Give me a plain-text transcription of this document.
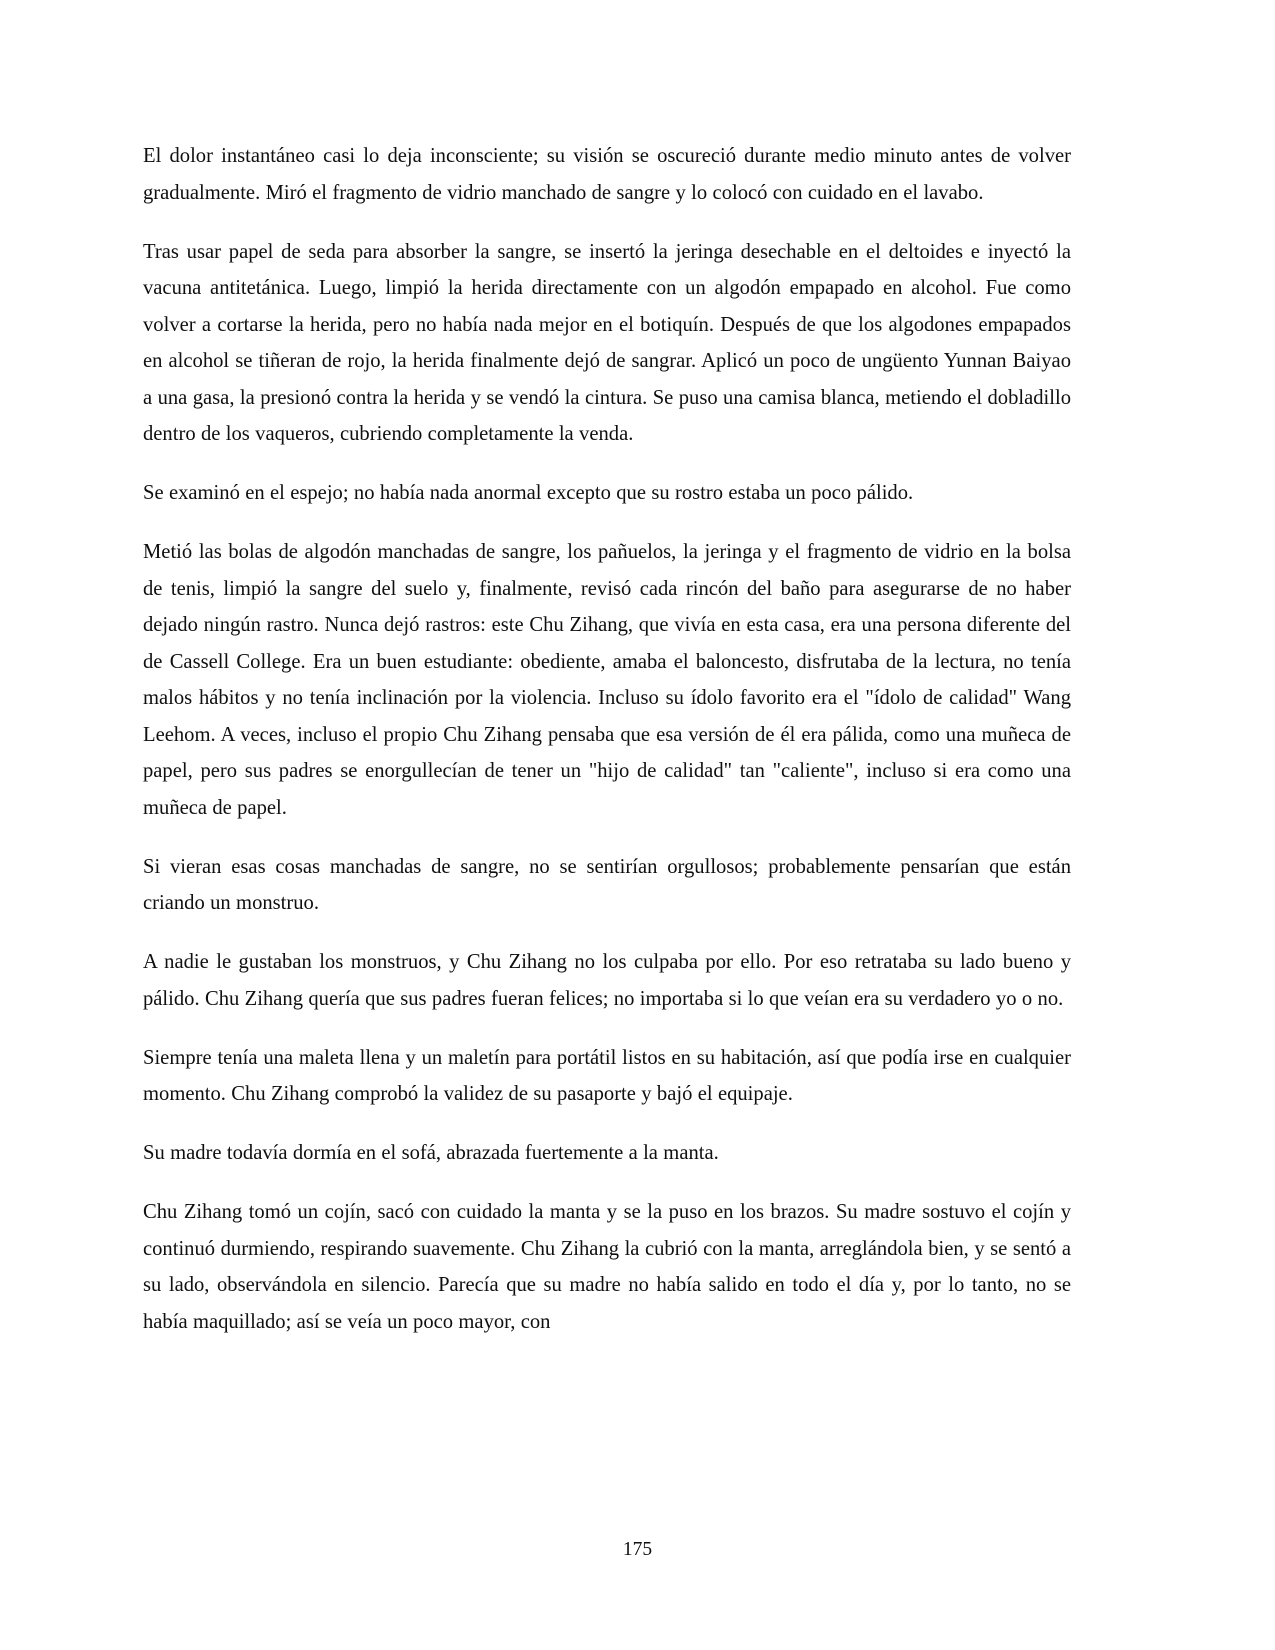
El dolor instantáneo casi lo deja inconsciente; su visión se oscureció durante medio minuto antes de volver gradualmente. Miró el fragmento de vidrio manchado de sangre y lo colocó con cuidado en el lavabo.

Tras usar papel de seda para absorber la sangre, se insertó la jeringa desechable en el deltoides e inyectó la vacuna antitetánica. Luego, limpió la herida directamente con un algodón empapado en alcohol. Fue como volver a cortarse la herida, pero no había nada mejor en el botiquín. Después de que los algodones empapados en alcohol se tiñeran de rojo, la herida finalmente dejó de sangrar. Aplicó un poco de ungüento Yunnan Baiyao a una gasa, la presionó contra la herida y se vendó la cintura. Se puso una camisa blanca, metiendo el dobladillo dentro de los vaqueros, cubriendo completamente la venda.

Se examinó en el espejo; no había nada anormal excepto que su rostro estaba un poco pálido.

Metió las bolas de algodón manchadas de sangre, los pañuelos, la jeringa y el fragmento de vidrio en la bolsa de tenis, limpió la sangre del suelo y, finalmente, revisó cada rincón del baño para asegurarse de no haber dejado ningún rastro. Nunca dejó rastros: este Chu Zihang, que vivía en esta casa, era una persona diferente del de Cassell College. Era un buen estudiante: obediente, amaba el baloncesto, disfrutaba de la lectura, no tenía malos hábitos y no tenía inclinación por la violencia. Incluso su ídolo favorito era el "ídolo de calidad" Wang Leehom. A veces, incluso el propio Chu Zihang pensaba que esa versión de él era pálida, como una muñeca de papel, pero sus padres se enorgullecían de tener un "hijo de calidad" tan "caliente", incluso si era como una muñeca de papel.

Si vieran esas cosas manchadas de sangre, no se sentirían orgullosos; probablemente pensarían que están criando un monstruo.

A nadie le gustaban los monstruos, y Chu Zihang no los culpaba por ello. Por eso retrataba su lado bueno y pálido. Chu Zihang quería que sus padres fueran felices; no importaba si lo que veían era su verdadero yo o no.

Siempre tenía una maleta llena y un maletín para portátil listos en su habitación, así que podía irse en cualquier momento. Chu Zihang comprobó la validez de su pasaporte y bajó el equipaje.

Su madre todavía dormía en el sofá, abrazada fuertemente a la manta.

Chu Zihang tomó un cojín, sacó con cuidado la manta y se la puso en los brazos. Su madre sostuvo el cojín y continuó durmiendo, respirando suavemente. Chu Zihang la cubrió con la manta, arreglándola bien, y se sentó a su lado, observándola en silencio. Parecía que su madre no había salido en todo el día y, por lo tanto, no se había maquillado; así se veía un poco mayor, con

175
